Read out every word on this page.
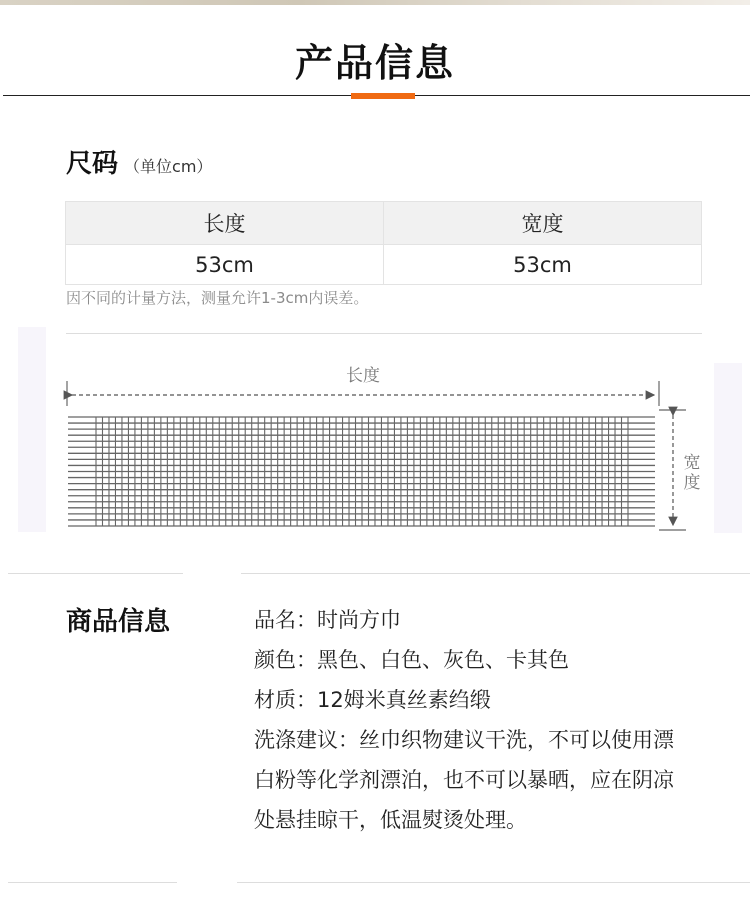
产品信息
尺码 （单位cm）
长度	宽度
53cm	53cm
因不同的计量方法，测量允许1-3cm内误差。
长度
宽
度
商品信息	品名：时尚方巾
颜色：黑色、白色、灰色、卡其色
材质：12姆米真丝素绉缎
洗涤建议：丝巾织物建议干洗，不可以使用漂
白粉等化学剂漂泊，也不可以暴晒，应在阴凉
处悬挂晾干，低温熨烫处理。
